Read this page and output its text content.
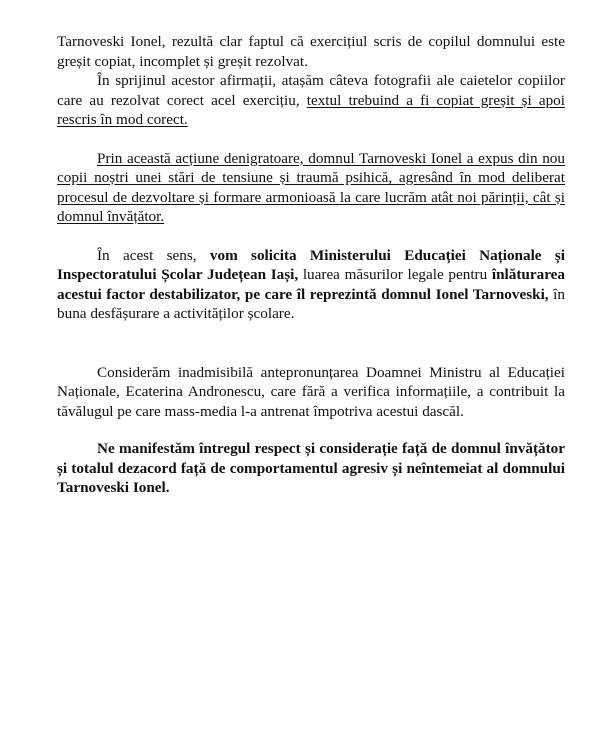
Tarnoveski Ionel, rezultă clar faptul că exercițiul scris de copilul domnului este greșit copiat, incomplet și greșit rezolvat.

În sprijinul acestor afirmații, atașăm câteva fotografii ale caietelor copiilor care au rezolvat corect acel exercițiu, textul trebuind a fi copiat greșit și apoi rescris în mod corect.

Prin această acțiune denigratoare, domnul Tarnoveski Ionel a expus din nou copii noștri unei stări de tensiune și traumă psihică, agresând în mod deliberat procesul de dezvoltare și formare armonioasă la care lucrăm atât noi părinții, cât și domnul învățător.

În acest sens, vom solicita Ministerului Educației Naționale și Inspectoratului Școlar Județean Iași, luarea măsurilor legale pentru înlăturarea acestui factor destabilizator, pe care îl reprezintă domnul Ionel Tarnoveski, în buna desfășurare a activităților școlare.

Considerăm inadmisibilă antepronunțarea Doamnei Ministru al Educației Naționale, Ecaterina Andronescu, care fără a verifica informațiile, a contribuit la tăvălugul pe care mass-media l-a antrenat împotriva acestui dascăl.

Ne manifestăm întregul respect și considerație față de domnul învățător și totalul dezacord față de comportamentul agresiv și neîntemeiat al domnului Tarnoveski Ionel.
